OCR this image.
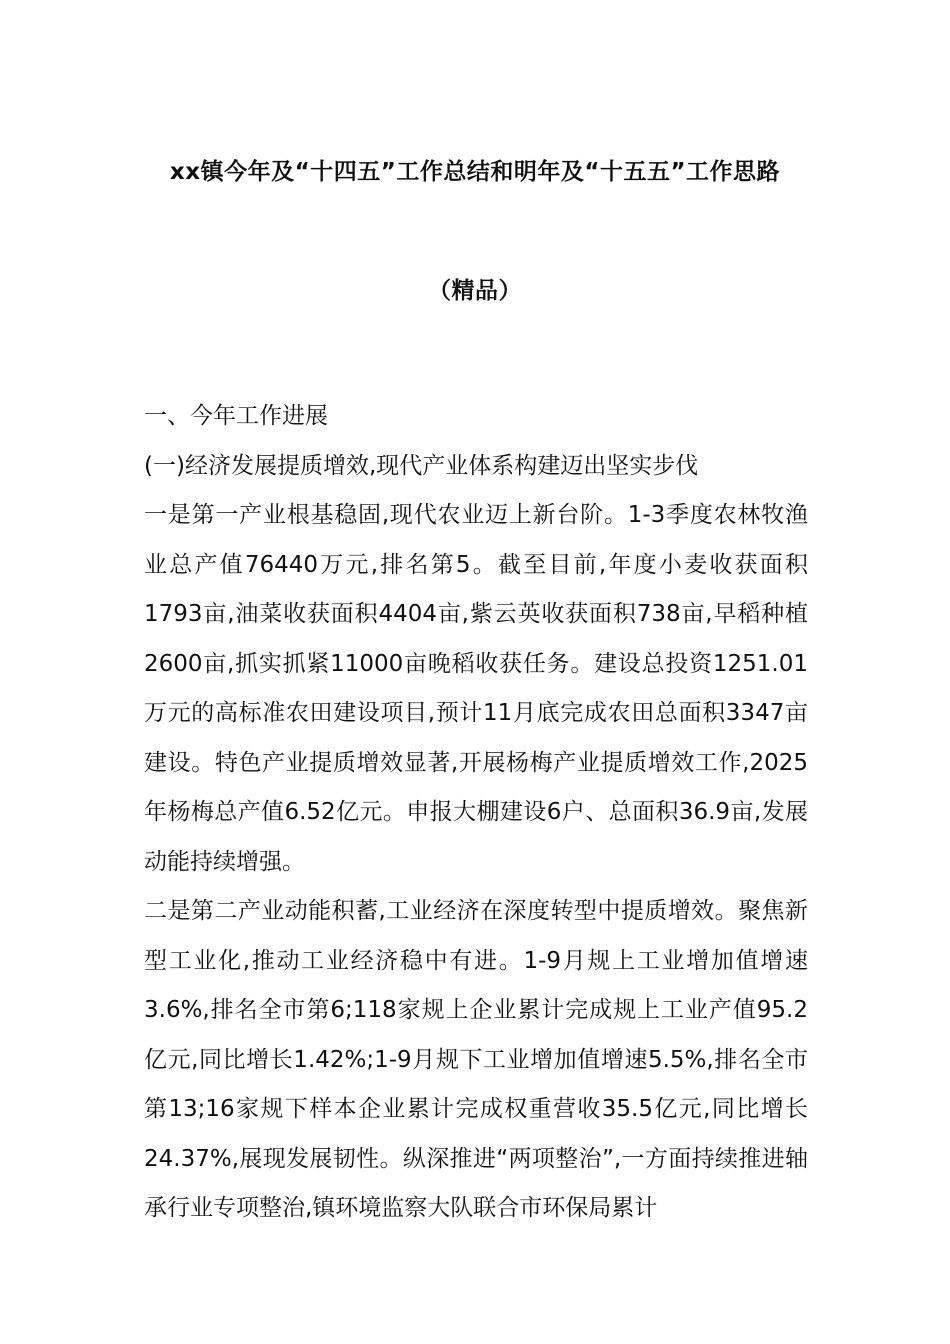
xx镇今年及“十四五”工作总结和明年及“十五五”工作思路
（精品）

一、今年工作进展

(一)经济发展提质增效,现代产业体系构建迈出坚实步伐

一是第一产业根基稳固,现代农业迈上新台阶。1-3季度农林牧渔业总产值76440万元,排名第5。截至目前,年度小麦收获面积1793亩,油菜收获面积4404亩,紫云英收获面积738亩,早稻种植2600亩,抓实抓紧11000亩晚稻收获任务。建设总投资1251.01万元的高标准农田建设项目,预计11月底完成农田总面积3347亩建设。特色产业提质增效显著,开展杨梅产业提质增效工作,2025年杨梅总产值6.52亿元。申报大棚建设6户、总面积36.9亩,发展动能持续增强。

二是第二产业动能积蓄,工业经济在深度转型中提质增效。聚焦新型工业化,推动工业经济稳中有进。1-9月规上工业增加值增速3.6%,排名全市第6;118家规上企业累计完成规上工业产值95.2亿元,同比增长1.42%;1-9月规下工业增加值增速5.5%,排名全市第13;16家规下样本企业累计完成权重营收35.5亿元,同比增长24.37%,展现发展韧性。纵深推进“两项整治”,一方面持续推进轴承行业专项整治,镇环境监察大队联合市环保局累计
